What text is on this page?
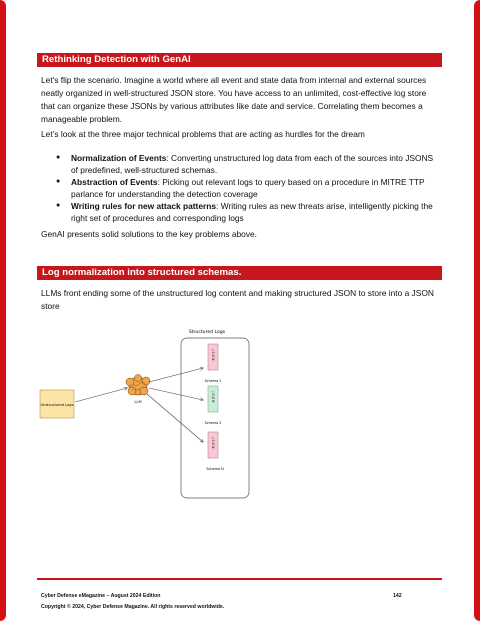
Rethinking Detection with GenAI

Let's flip the scenario. Imagine a world where all event and state data from internal and external sources neatly organized in well-structured JSON store. You have access to an unlimited, cost-effective log store that can organize these JSONs by various attributes like date and service. Correlating them becomes a manageable problem.

Let’s look at the three major technical problems that are acting as hurdles for the dream

● Normalization of Events: Converting unstructured log data from each of the sources into JSONS of predefined, well-structured schemas.
● Abstraction of Events: Picking out relevant logs to query based on a procedure in MITRE TTP parlance for understanding the detection coverage
● Writing rules for new attack patterns: Writing rules as new threats arise, intelligently picking the right set of procedures and corresponding logs

GenAI presents solid solutions to the key problems above.

Log normalization into structured schemas.

LLMs front ending some of the unstructured log content and making structured JSON to store into a JSON store

Structured Logs
Unstructured Logs
LLM
J S O N
Schema 1
J S O N
Schema 2
J S O N
Schema N
Cyber Defense eMagazine – August 2024 Edition	142
Copyright © 2024, Cyber Defense Magazine. All rights reserved worldwide.
